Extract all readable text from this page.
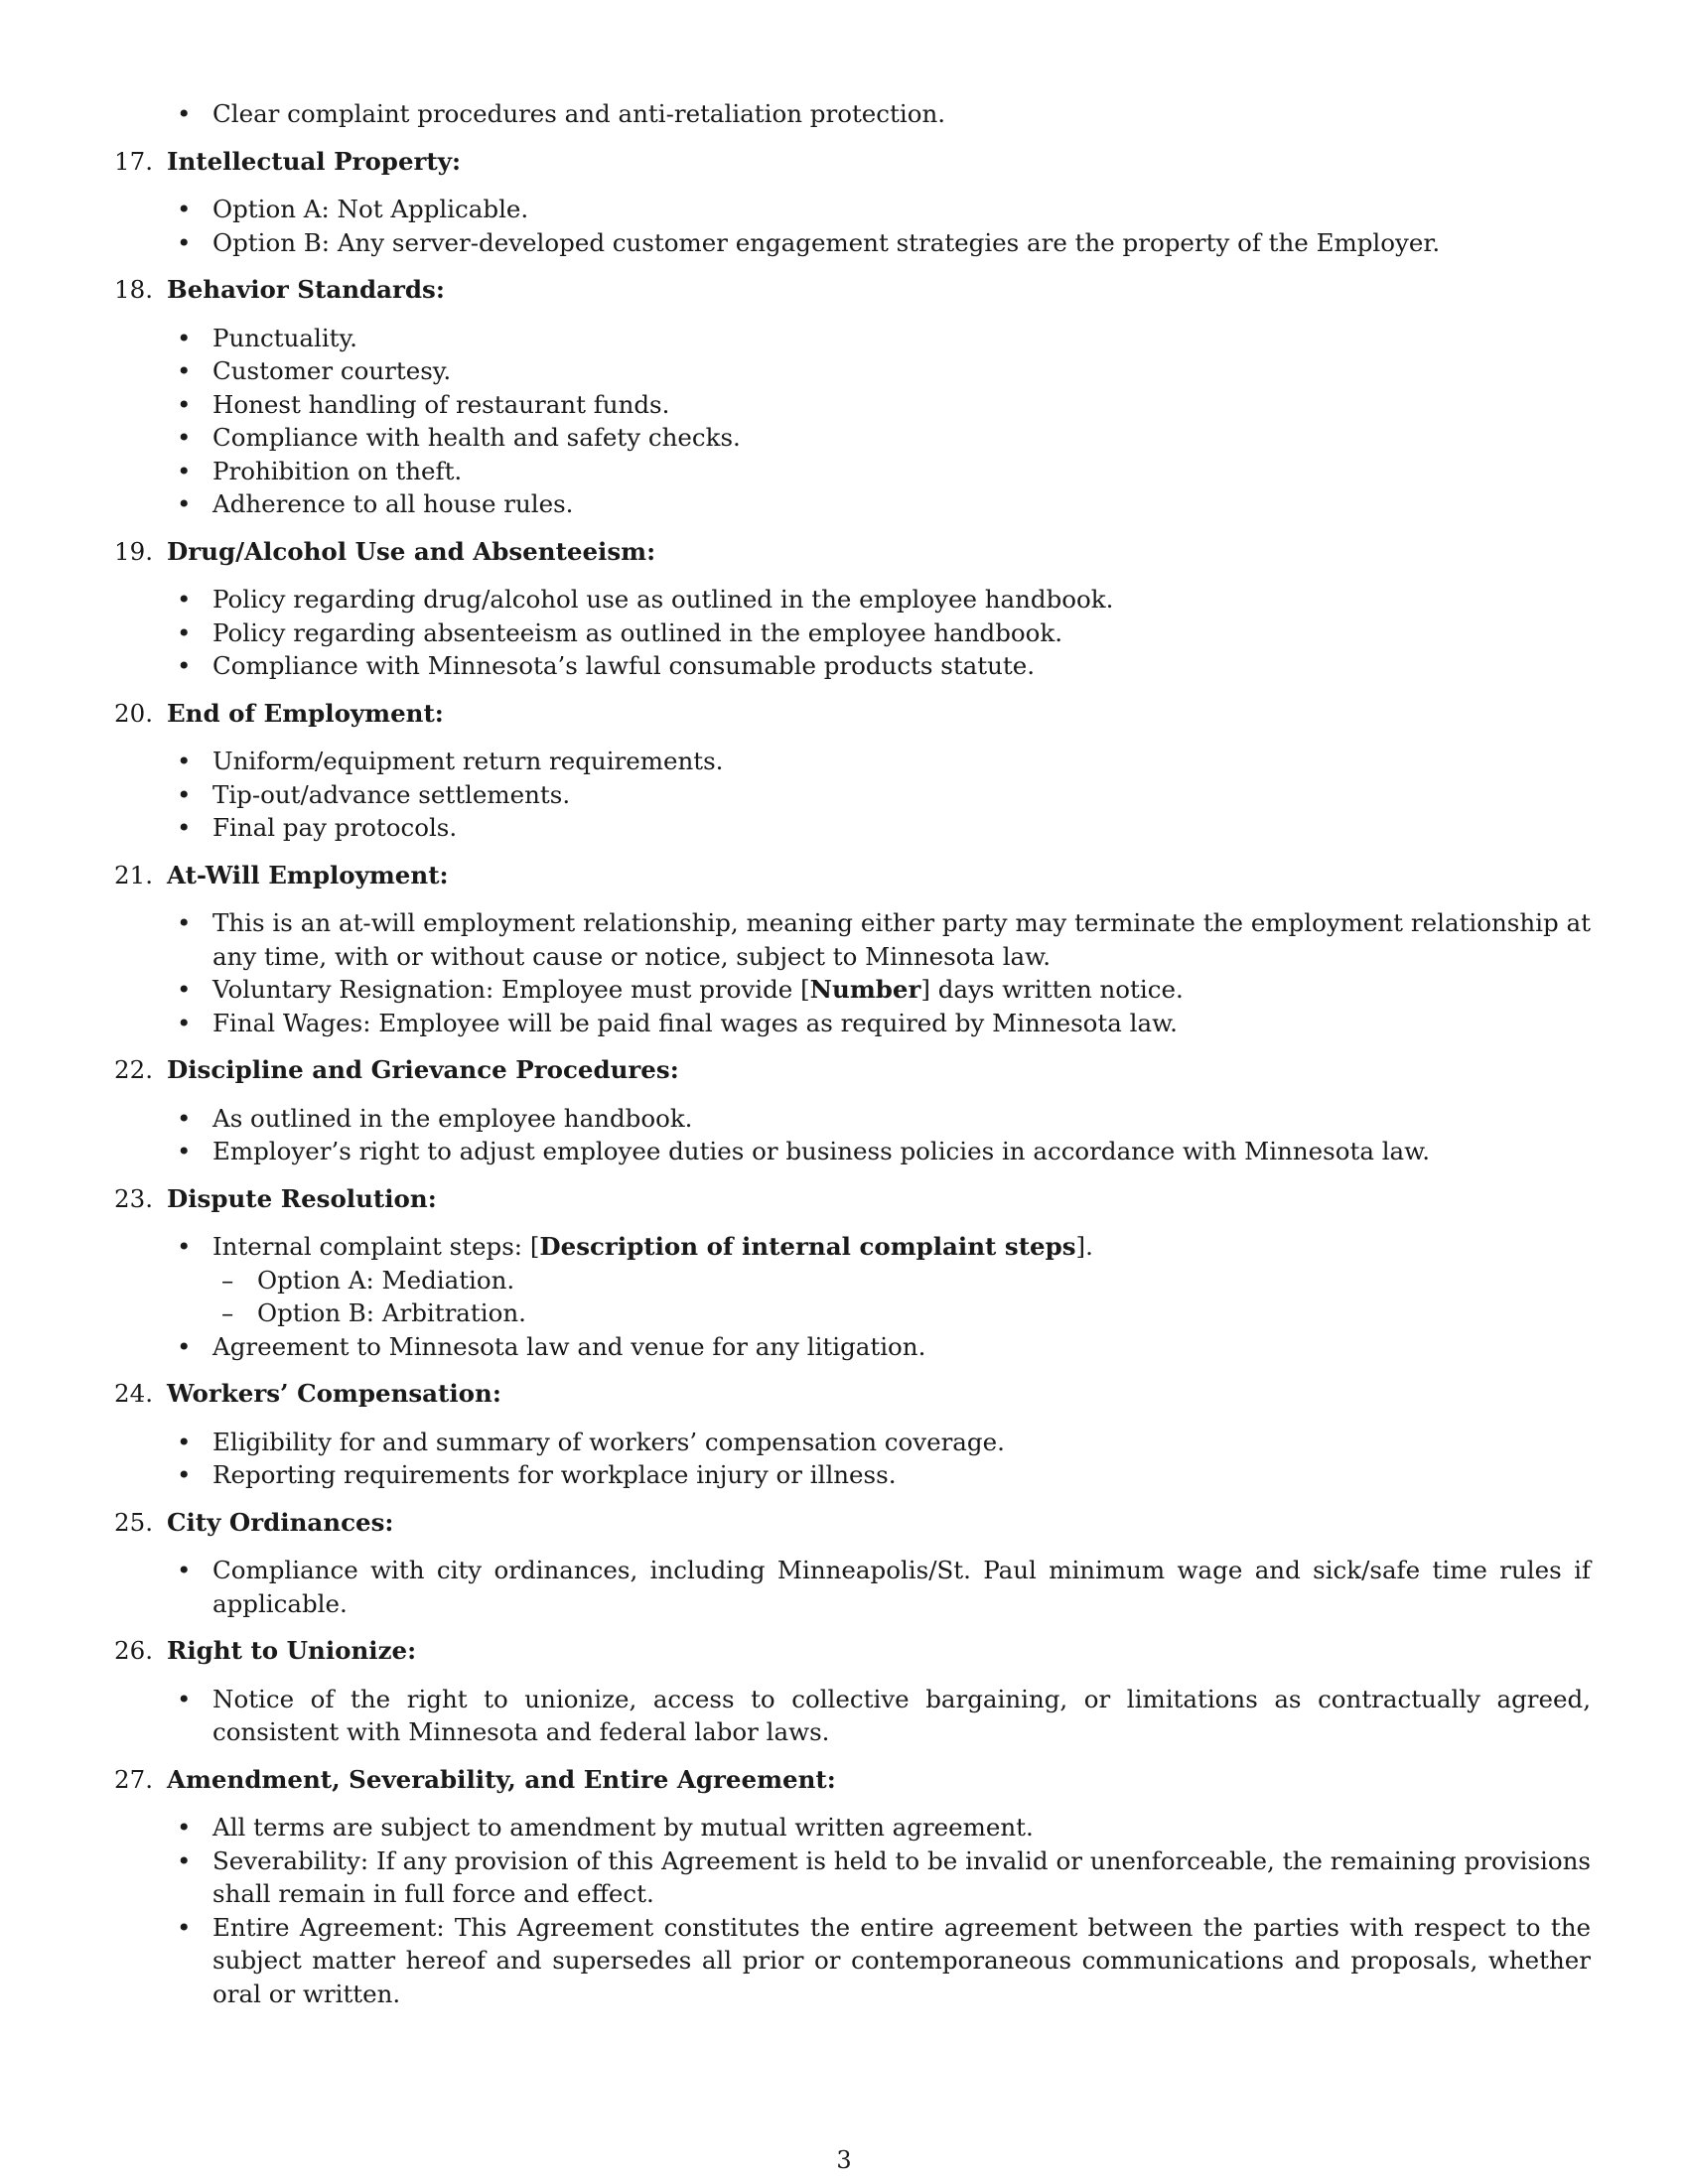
• Clear complaint procedures and anti-retaliation protection.
17. Intellectual Property:
• Option A: Not Applicable.
• Option B: Any server-developed customer engagement strategies are the property of the Employer.
18. Behavior Standards:
• Punctuality.
• Customer courtesy.
• Honest handling of restaurant funds.
• Compliance with health and safety checks.
• Prohibition on theft.
• Adherence to all house rules.
19. Drug/Alcohol Use and Absenteeism:
• Policy regarding drug/alcohol use as outlined in the employee handbook.
• Policy regarding absenteeism as outlined in the employee handbook.
• Compliance with Minnesota’s lawful consumable products statute.
20. End of Employment:
• Uniform/equipment return requirements.
• Tip-out/advance settlements.
• Final pay protocols.
21. At-Will Employment:
• This is an at-will employment relationship, meaning either party may terminate the employment relationship at any time, with or without cause or notice, subject to Minnesota law.
• Voluntary Resignation: Employee must provide [Number] days written notice.
• Final Wages: Employee will be paid final wages as required by Minnesota law.
22. Discipline and Grievance Procedures:
• As outlined in the employee handbook.
• Employer’s right to adjust employee duties or business policies in accordance with Minnesota law.
23. Dispute Resolution:
• Internal complaint steps: [Description of internal complaint steps].
– Option A: Mediation.
– Option B: Arbitration.
• Agreement to Minnesota law and venue for any litigation.
24. Workers’ Compensation:
• Eligibility for and summary of workers’ compensation coverage.
• Reporting requirements for workplace injury or illness.
25. City Ordinances:
• Compliance with city ordinances, including Minneapolis/St. Paul minimum wage and sick/safe time rules if applicable.
26. Right to Unionize:
• Notice of the right to unionize, access to collective bargaining, or limitations as contractually agreed, consistent with Minnesota and federal labor laws.
27. Amendment, Severability, and Entire Agreement:
• All terms are subject to amendment by mutual written agreement.
• Severability: If any provision of this Agreement is held to be invalid or unenforceable, the remaining provisions shall remain in full force and effect.
• Entire Agreement: This Agreement constitutes the entire agreement between the parties with respect to the subject matter hereof and supersedes all prior or contemporaneous communications and proposals, whether oral or written.
3
